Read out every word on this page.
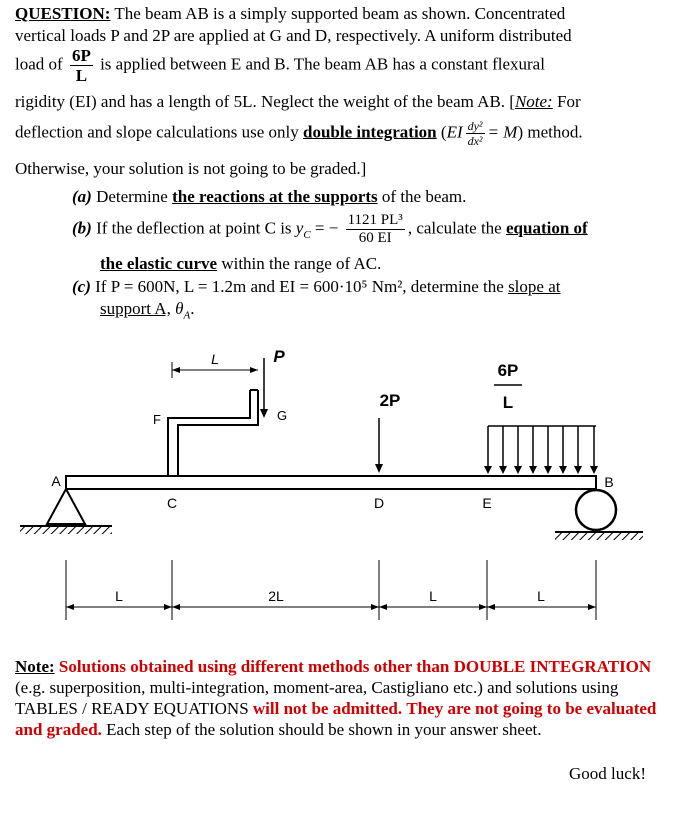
QUESTION: The beam AB is a simply supported beam as shown. Concentrated
vertical loads P and 2P are applied at G and D, respectively. A uniform distributed
load of $\frac{6P}{L}$ is applied between E and B. The beam AB has a constant flexural
rigidity (EI) and has a length of 5L. Neglect the weight of the beam AB. [Note: For
deflection and slope calculations use only double integration $(EI \frac{\text{dy²}}{\text{dx²}} = M)$ method.
Otherwise, your solution is not going to be graded.]
(a) Determine the reactions at the supports of the beam.
(b) If the deflection at point C is $y_C$ = − $\frac{\text{1121 PL³}}{60 EI}$ , calculate the equation of
the elastic curve within the range of AC.
(c) If P = 600N, L = 1.2m and EI = 600·10⁵ Nm², determine the slope at
support A, $\theta_A$.
L	P
G
F
2P
6P
L
A	B
C	D	E
L	2L	L	L
Note: Solutions obtained using different methods other than DOUBLE INTEGRATION (e.g. superposition, multi-integration, moment-area, Castigliano etc.) and solutions using TABLES / READY EQUATIONS will not be admitted. They are not going to be evaluated and graded. Each step of the solution should be shown in your answer sheet.
Good luck!
